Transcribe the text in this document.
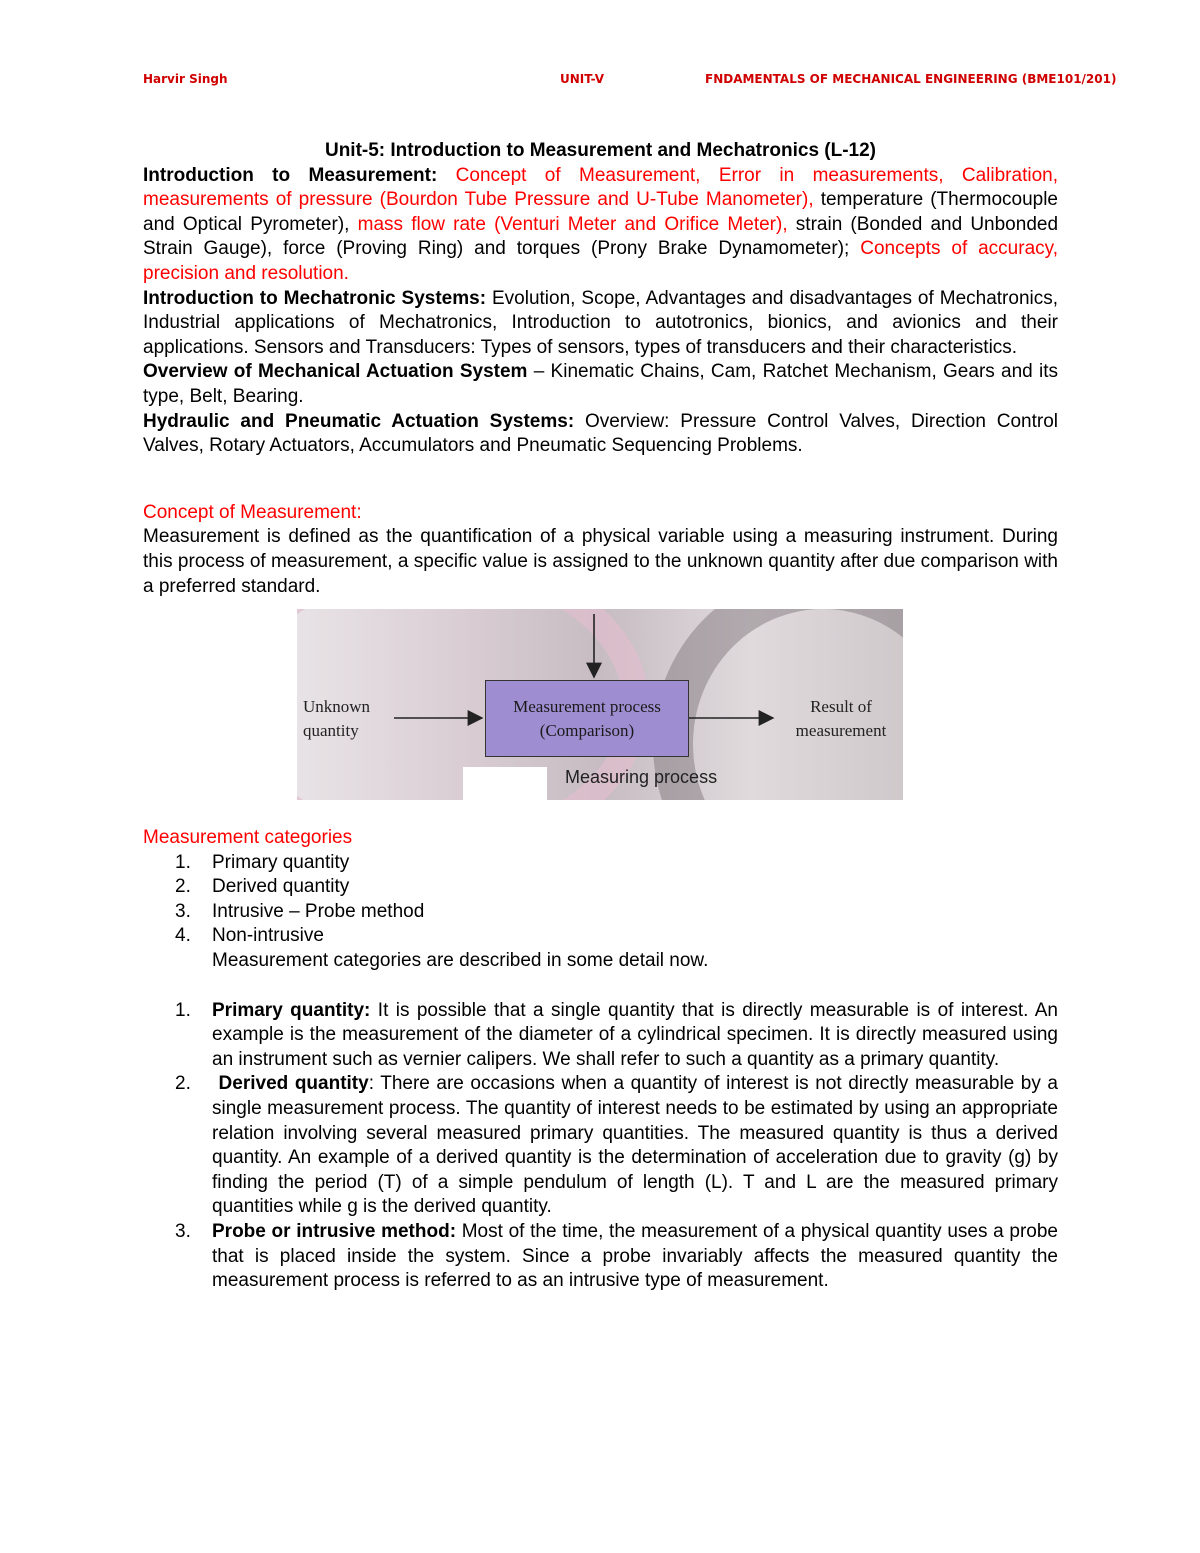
Harvir Singh	UNIT-V	FNDAMENTALS OF MECHANICAL ENGINEERING (BME101/201)

Unit-5: Introduction to Measurement and Mechatronics (L-12)

Introduction to Measurement: Concept of Measurement, Error in measurements, Calibration, measurements of pressure (Bourdon Tube Pressure and U-Tube Manometer), temperature (Thermocouple and Optical Pyrometer), mass flow rate (Venturi Meter and Orifice Meter), strain (Bonded and Unbonded Strain Gauge), force (Proving Ring) and torques (Prony Brake Dynamometer); Concepts of accuracy, precision and resolution.

Introduction to Mechatronic Systems: Evolution, Scope, Advantages and disadvantages of Mechatronics, Industrial applications of Mechatronics, Introduction to autotronics, bionics, and avionics and their applications. Sensors and Transducers: Types of sensors, types of transducers and their characteristics.

Overview of Mechanical Actuation System – Kinematic Chains, Cam, Ratchet Mechanism, Gears and its type, Belt, Bearing.

Hydraulic and Pneumatic Actuation Systems: Overview: Pressure Control Valves, Direction Control Valves, Rotary Actuators, Accumulators and Pneumatic Sequencing Problems.

Concept of Measurement:

Measurement is defined as the quantification of a physical variable using a measuring instrument. During this process of measurement, a specific value is assigned to the unknown quantity after due comparison with a preferred standard.

Unknown
quantity
Measurement process
(Comparison)
Result of
measurement
Measuring process

Measurement categories

1. Primary quantity
2. Derived quantity
3. Intrusive – Probe method
4. Non-intrusive

Measurement categories are described in some detail now.

1. Primary quantity: It is possible that a single quantity that is directly measurable is of interest. An example is the measurement of the diameter of a cylindrical specimen. It is directly measured using an instrument such as vernier calipers. We shall refer to such a quantity as a primary quantity.
2. Derived quantity: There are occasions when a quantity of interest is not directly measurable by a single measurement process. The quantity of interest needs to be estimated by using an appropriate relation involving several measured primary quantities. The measured quantity is thus a derived quantity. An example of a derived quantity is the determination of acceleration due to gravity (g) by finding the period (T) of a simple pendulum of length (L). T and L are the measured primary quantities while g is the derived quantity.
3. Probe or intrusive method: Most of the time, the measurement of a physical quantity uses a probe that is placed inside the system. Since a probe invariably affects the measured quantity the measurement process is referred to as an intrusive type of measurement.
